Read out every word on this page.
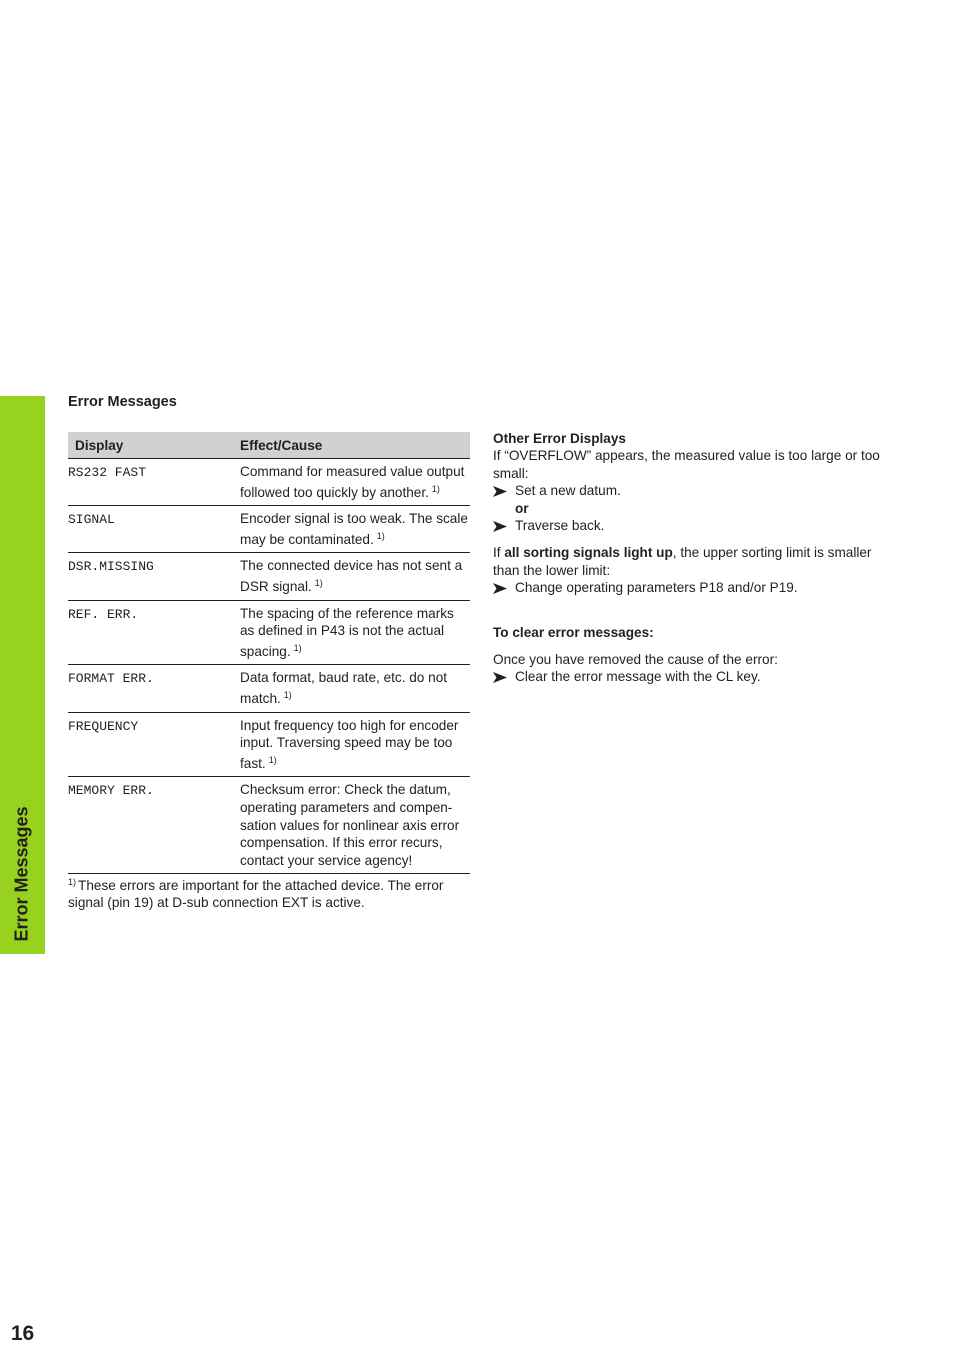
Error Messages
16
Error Messages
Display	Effect/Cause
RS232 FAST	Command for measured value output followed too quickly by another. $^{1)}$
SIGNAL	Encoder signal is too weak. The scale may be contaminated. $^{1)}$
DSR.MISSING	The connected device has not sent a DSR signal. $^{1)}$
REF. ERR.	The spacing of the reference marks as defined in P43 is not the actual spacing. $^{1)}$
FORMAT ERR.	Data format, baud rate, etc. do not match. $^{1)}$
FREQUENCY	Input frequency too high for encoder input. Traversing speed may be too fast. $^{1)}$
MEMORY ERR.	Checksum error: Check the datum, operating parameters and compen-sation values for nonlinear axis error compensation. If this error recurs, contact your service agency!
$^{1)}$ These errors are important for the attached device. The error signal (pin 19) at D-sub connection EXT is active.
Other Error Displays
If “OVERFLOW” appears, the measured value is too large or too small:
Set a new datum.
or
Traverse back.
If all sorting signals light up, the upper sorting limit is smaller than the lower limit:
Change operating parameters P18 and/or P19.
To clear error messages:
Once you have removed the cause of the error:
Clear the error message with the CL key.
